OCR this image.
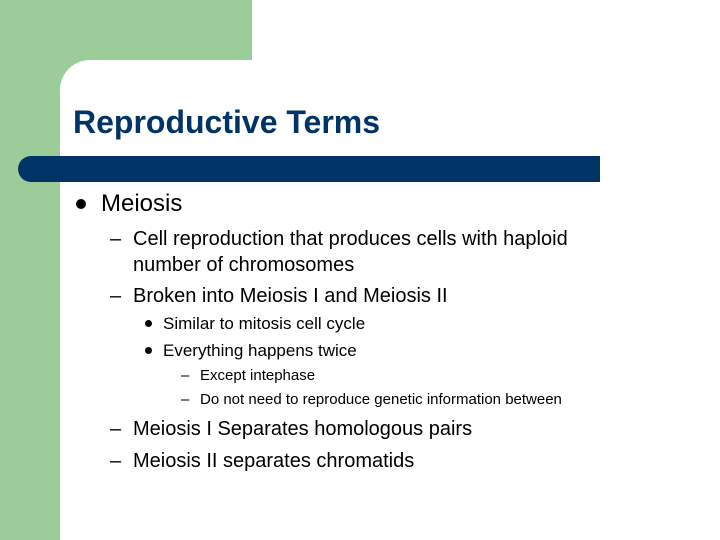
Reproductive Terms
Meiosis
– Cell reproduction that produces cells with haploid
number of chromosomes
– Broken into Meiosis I and Meiosis II
Similar to mitosis cell cycle
Everything happens twice
– Except intephase
– Do not need to reproduce genetic information between
– Meiosis I Separates homologous pairs
– Meiosis II separates chromatids
